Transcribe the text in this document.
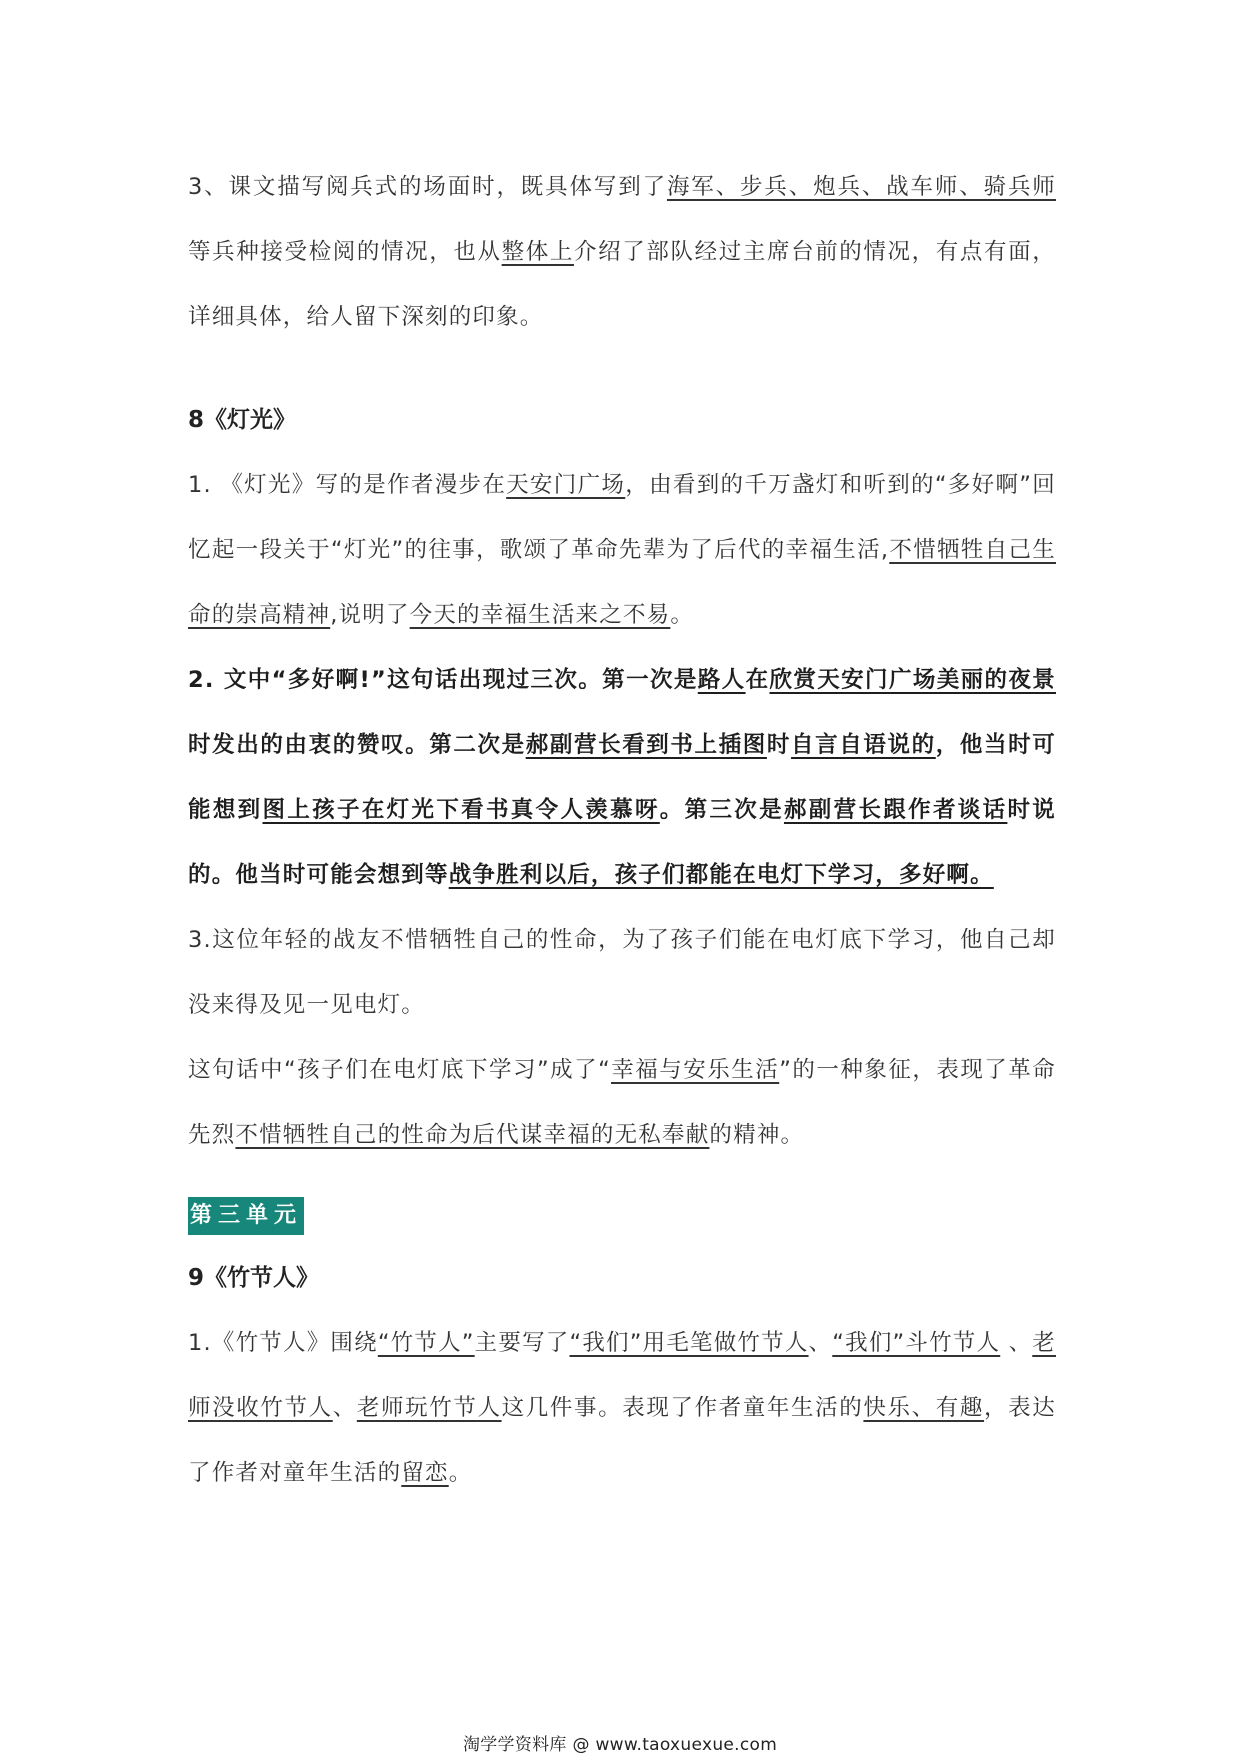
3、课文描写阅兵式的场面时，既具体写到了海军、步兵、炮兵、战车师、骑兵师等兵种接受检阅的情况，也从整体上介绍了部队经过主席台前的情况，有点有面，详细具体，给人留下深刻的印象。

8《灯光》

1. 《灯光》写的是作者漫步在天安门广场，由看到的千万盏灯和听到的“多好啊”回忆起一段关于“灯光”的往事，歌颂了革命先辈为了后代的幸福生活,不惜牺牲自己生命的崇高精神,说明了今天的幸福生活来之不易。

2. 文中“多好啊!”这句话出现过三次。第一次是路人在欣赏天安门广场美丽的夜景时发出的由衷的赞叹。第二次是郝副营长看到书上插图时自言自语说的，他当时可能想到图上孩子在灯光下看书真令人羡慕呀。第三次是郝副营长跟作者谈话时说的。他当时可能会想到等战争胜利以后，孩子们都能在电灯下学习，多好啊。

3.这位年轻的战友不惜牺牲自己的性命，为了孩子们能在电灯底下学习，他自己却没来得及见一见电灯。

这句话中“孩子们在电灯底下学习”成了“幸福与安乐生活”的一种象征，表现了革命先烈不惜牺牲自己的性命为后代谋幸福的无私奉献的精神。

第三单元

9《竹节人》

1.《竹节人》围绕“竹节人”主要写了“我们”用毛笔做竹节人、“我们”斗竹节人 、老师没收竹节人、老师玩竹节人这几件事。表现了作者童年生活的快乐、有趣，表达了作者对童年生活的留恋。

淘学学资料库 @ www.taoxuexue.com
